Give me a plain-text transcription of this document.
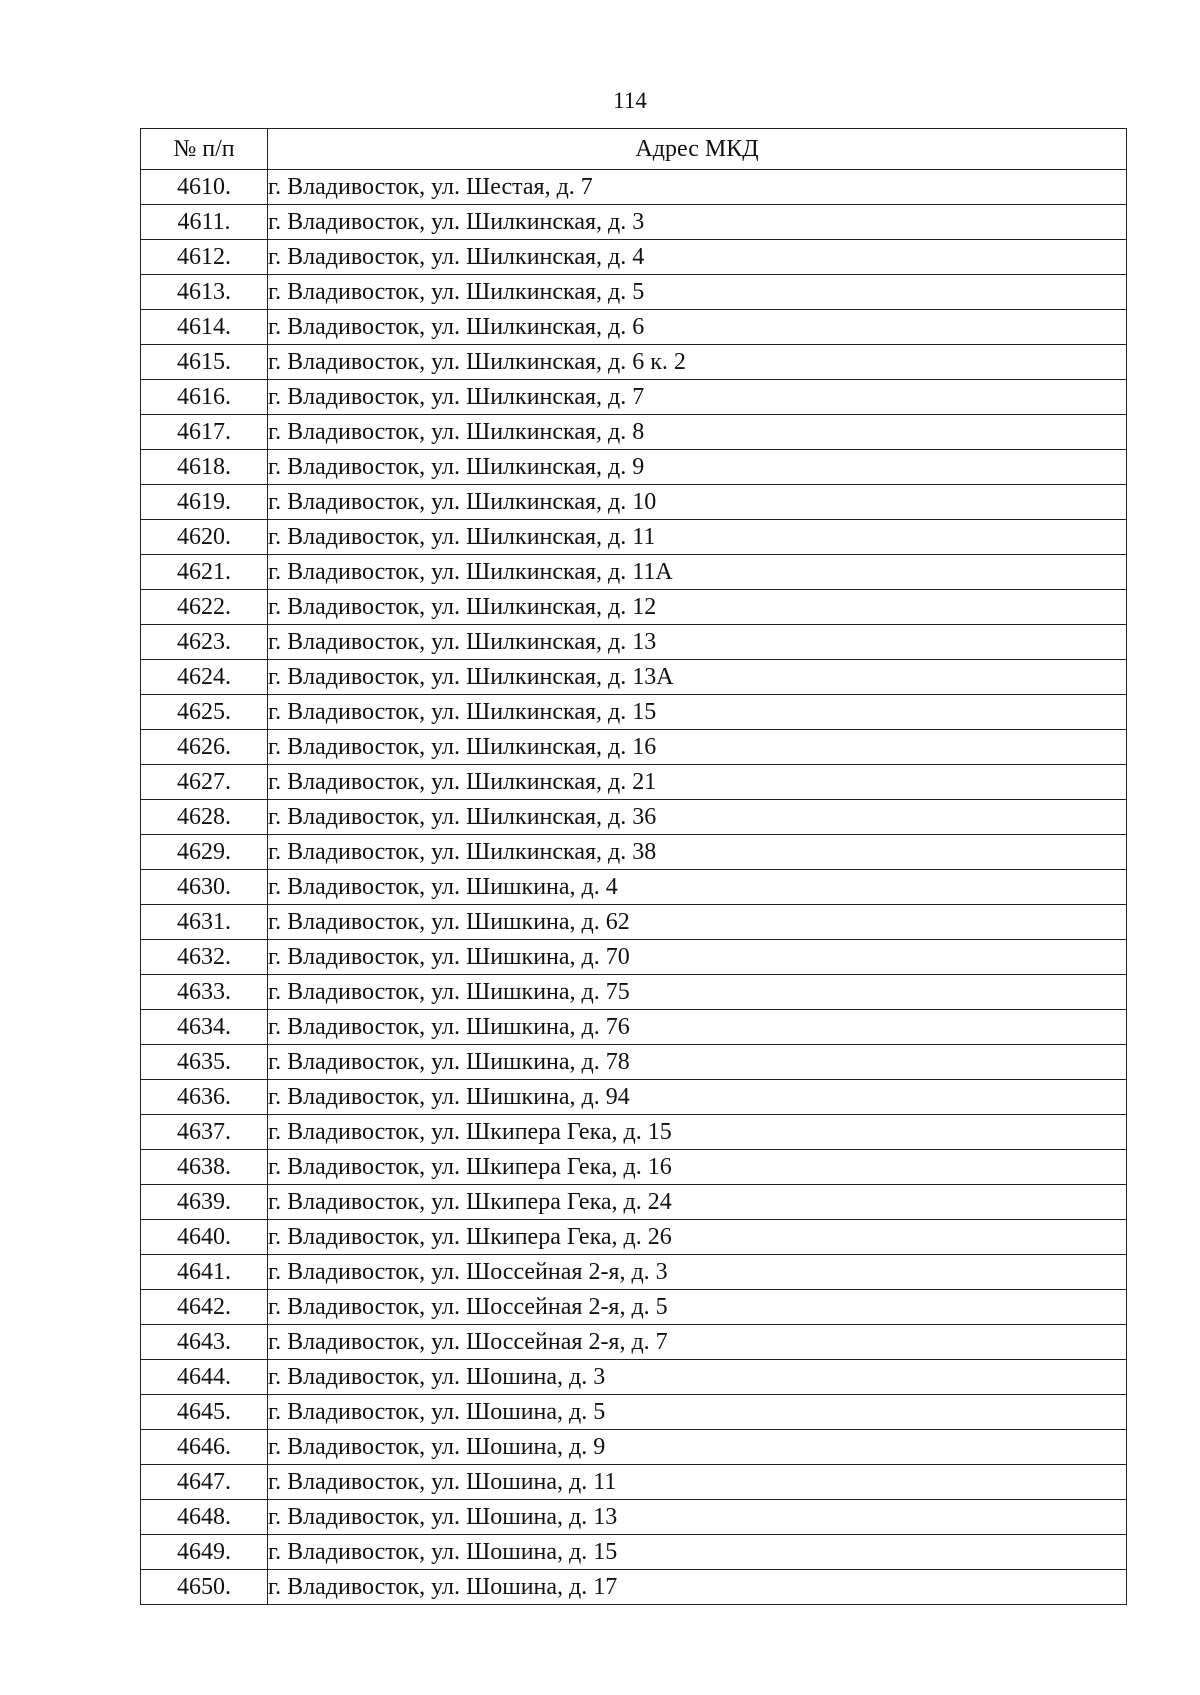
114
№ п/п	Адрес МКД
4610.	г. Владивосток, ул. Шестая, д. 7
4611.	г. Владивосток, ул. Шилкинская, д. 3
4612.	г. Владивосток, ул. Шилкинская, д. 4
4613.	г. Владивосток, ул. Шилкинская, д. 5
4614.	г. Владивосток, ул. Шилкинская, д. 6
4615.	г. Владивосток, ул. Шилкинская, д. 6 к. 2
4616.	г. Владивосток, ул. Шилкинская, д. 7
4617.	г. Владивосток, ул. Шилкинская, д. 8
4618.	г. Владивосток, ул. Шилкинская, д. 9
4619.	г. Владивосток, ул. Шилкинская, д. 10
4620.	г. Владивосток, ул. Шилкинская, д. 11
4621.	г. Владивосток, ул. Шилкинская, д. 11А
4622.	г. Владивосток, ул. Шилкинская, д. 12
4623.	г. Владивосток, ул. Шилкинская, д. 13
4624.	г. Владивосток, ул. Шилкинская, д. 13А
4625.	г. Владивосток, ул. Шилкинская, д. 15
4626.	г. Владивосток, ул. Шилкинская, д. 16
4627.	г. Владивосток, ул. Шилкинская, д. 21
4628.	г. Владивосток, ул. Шилкинская, д. 36
4629.	г. Владивосток, ул. Шилкинская, д. 38
4630.	г. Владивосток, ул. Шишкина, д. 4
4631.	г. Владивосток, ул. Шишкина, д. 62
4632.	г. Владивосток, ул. Шишкина, д. 70
4633.	г. Владивосток, ул. Шишкина, д. 75
4634.	г. Владивосток, ул. Шишкина, д. 76
4635.	г. Владивосток, ул. Шишкина, д. 78
4636.	г. Владивосток, ул. Шишкина, д. 94
4637.	г. Владивосток, ул. Шкипера Гека, д. 15
4638.	г. Владивосток, ул. Шкипера Гека, д. 16
4639.	г. Владивосток, ул. Шкипера Гека, д. 24
4640.	г. Владивосток, ул. Шкипера Гека, д. 26
4641.	г. Владивосток, ул. Шоссейная 2-я, д. 3
4642.	г. Владивосток, ул. Шоссейная 2-я, д. 5
4643.	г. Владивосток, ул. Шоссейная 2-я, д. 7
4644.	г. Владивосток, ул. Шошина, д. 3
4645.	г. Владивосток, ул. Шошина, д. 5
4646.	г. Владивосток, ул. Шошина, д. 9
4647.	г. Владивосток, ул. Шошина, д. 11
4648.	г. Владивосток, ул. Шошина, д. 13
4649.	г. Владивосток, ул. Шошина, д. 15
4650.	г. Владивосток, ул. Шошина, д. 17
